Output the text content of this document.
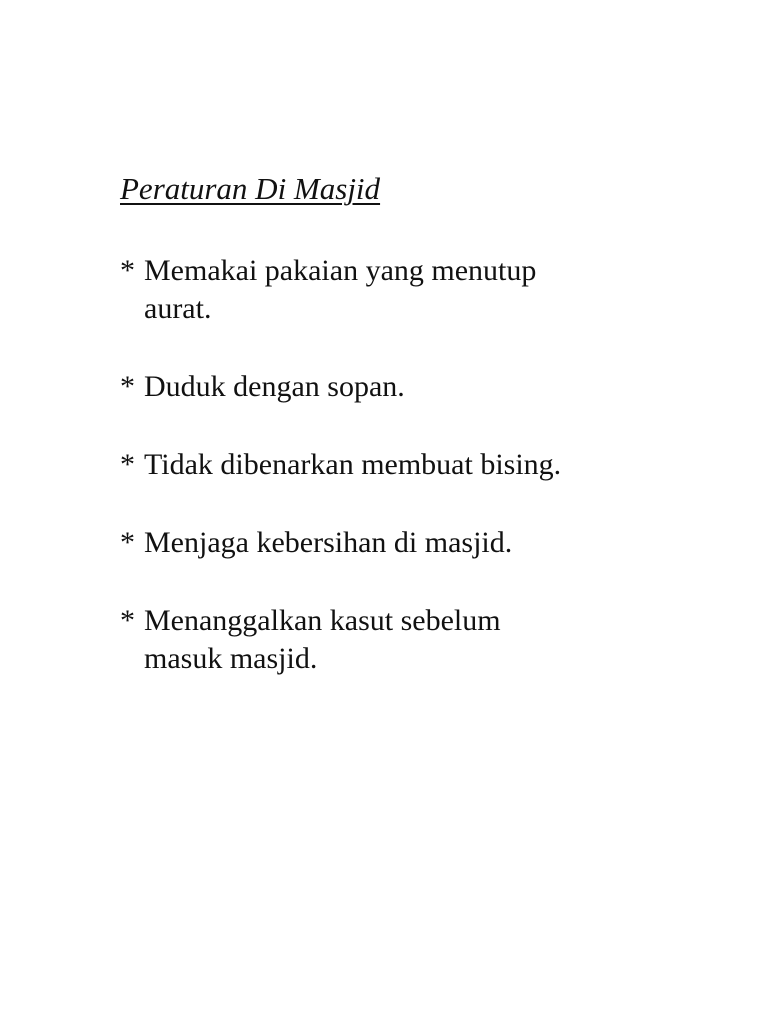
Peraturan Di Masjid
* Memakai pakaian yang menutup
aurat.
* Duduk dengan sopan.
* Tidak dibenarkan membuat bising.
* Menjaga kebersihan di masjid.
* Menanggalkan kasut sebelum
masuk masjid.
